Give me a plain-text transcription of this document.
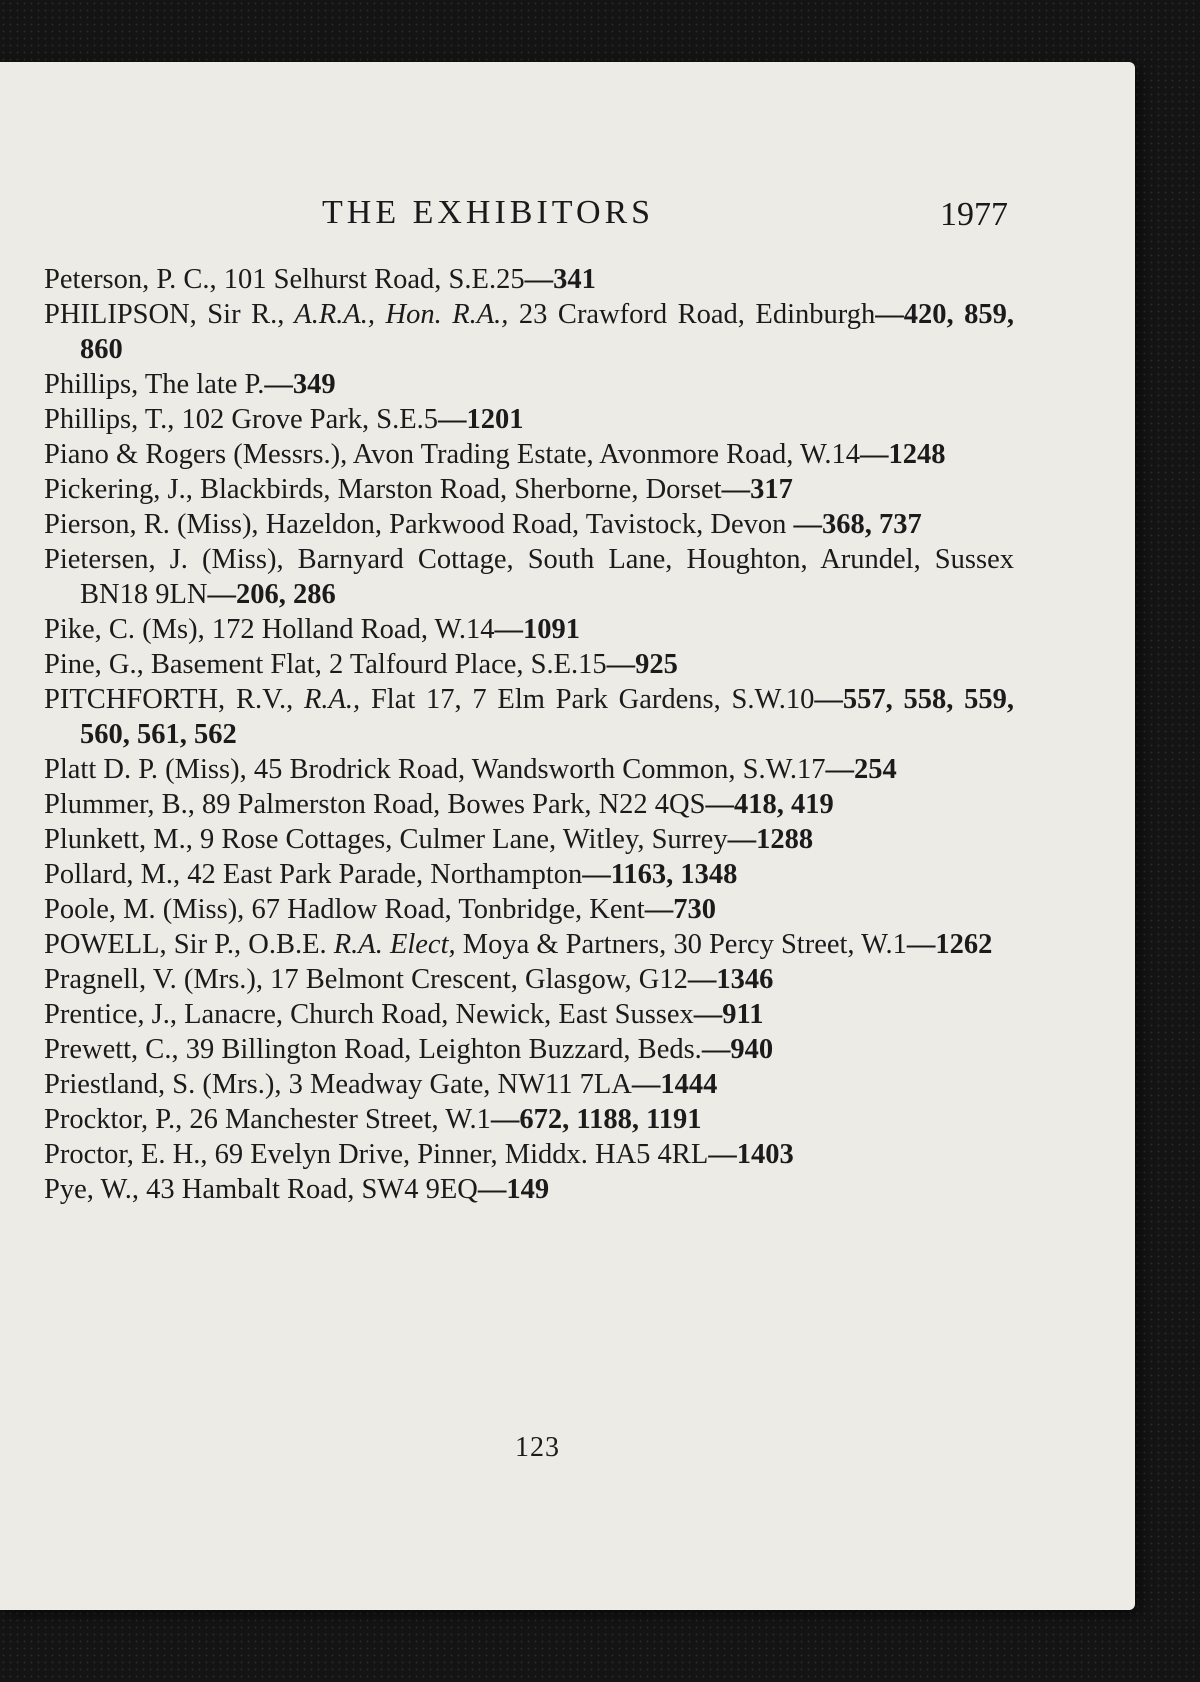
THE EXHIBITORS	1977
Peterson, P. C., 101 Selhurst Road, S.E.25—341
PHILIPSON, Sir R., A.R.A., Hon. R.A., 23 Crawford Road, Edinburgh—420, 859, 860
Phillips, The late P.—349
Phillips, T., 102 Grove Park, S.E.5—1201
Piano & Rogers (Messrs.), Avon Trading Estate, Avonmore Road, W.14—1248
Pickering, J., Blackbirds, Marston Road, Sherborne, Dorset—317
Pierson, R. (Miss), Hazeldon, Parkwood Road, Tavistock, Devon —368, 737
Pietersen, J. (Miss), Barnyard Cottage, South Lane, Houghton, Arundel, Sussex BN18 9LN—206, 286
Pike, C. (Ms), 172 Holland Road, W.14—1091
Pine, G., Basement Flat, 2 Talfourd Place, S.E.15—925
PITCHFORTH, R.V., R.A., Flat 17, 7 Elm Park Gardens, S.W.10—557, 558, 559, 560, 561, 562
Platt D. P. (Miss), 45 Brodrick Road, Wandsworth Common, S.W.17—254
Plummer, B., 89 Palmerston Road, Bowes Park, N22 4QS—418, 419
Plunkett, M., 9 Rose Cottages, Culmer Lane, Witley, Surrey—1288
Pollard, M., 42 East Park Parade, Northampton—1163, 1348
Poole, M. (Miss), 67 Hadlow Road, Tonbridge, Kent—730
POWELL, Sir P., O.B.E. R.A. Elect, Moya & Partners, 30 Percy Street, W.1—1262
Pragnell, V. (Mrs.), 17 Belmont Crescent, Glasgow, G12—1346
Prentice, J., Lanacre, Church Road, Newick, East Sussex—911
Prewett, C., 39 Billington Road, Leighton Buzzard, Beds.—940
Priestland, S. (Mrs.), 3 Meadway Gate, NW11 7LA—1444
Procktor, P., 26 Manchester Street, W.1—672, 1188, 1191
Proctor, E. H., 69 Evelyn Drive, Pinner, Middx. HA5 4RL—1403
Pye, W., 43 Hambalt Road, SW4 9EQ—149
123
